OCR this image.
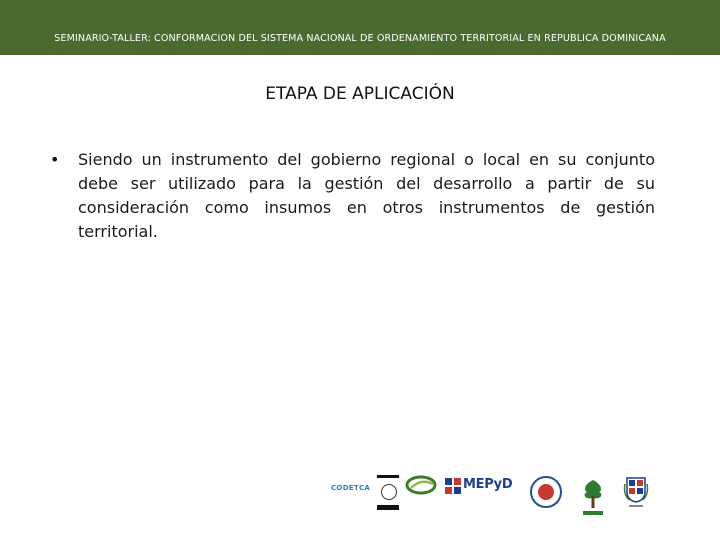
SEMINARIO-TALLER: CONFORMACION DEL SISTEMA NACIONAL DE ORDENAMIENTO TERRITORIAL EN REPUBLICA DOMINICANA
ETAPA DE APLICACIÓN
•	Siendo un instrumento del gobierno regional o local en su conjunto debe ser utilizado para la gestión del desarrollo a partir de su consideración como insumos en otros instrumentos de gestión territorial.
CODETCA	MEPyD
